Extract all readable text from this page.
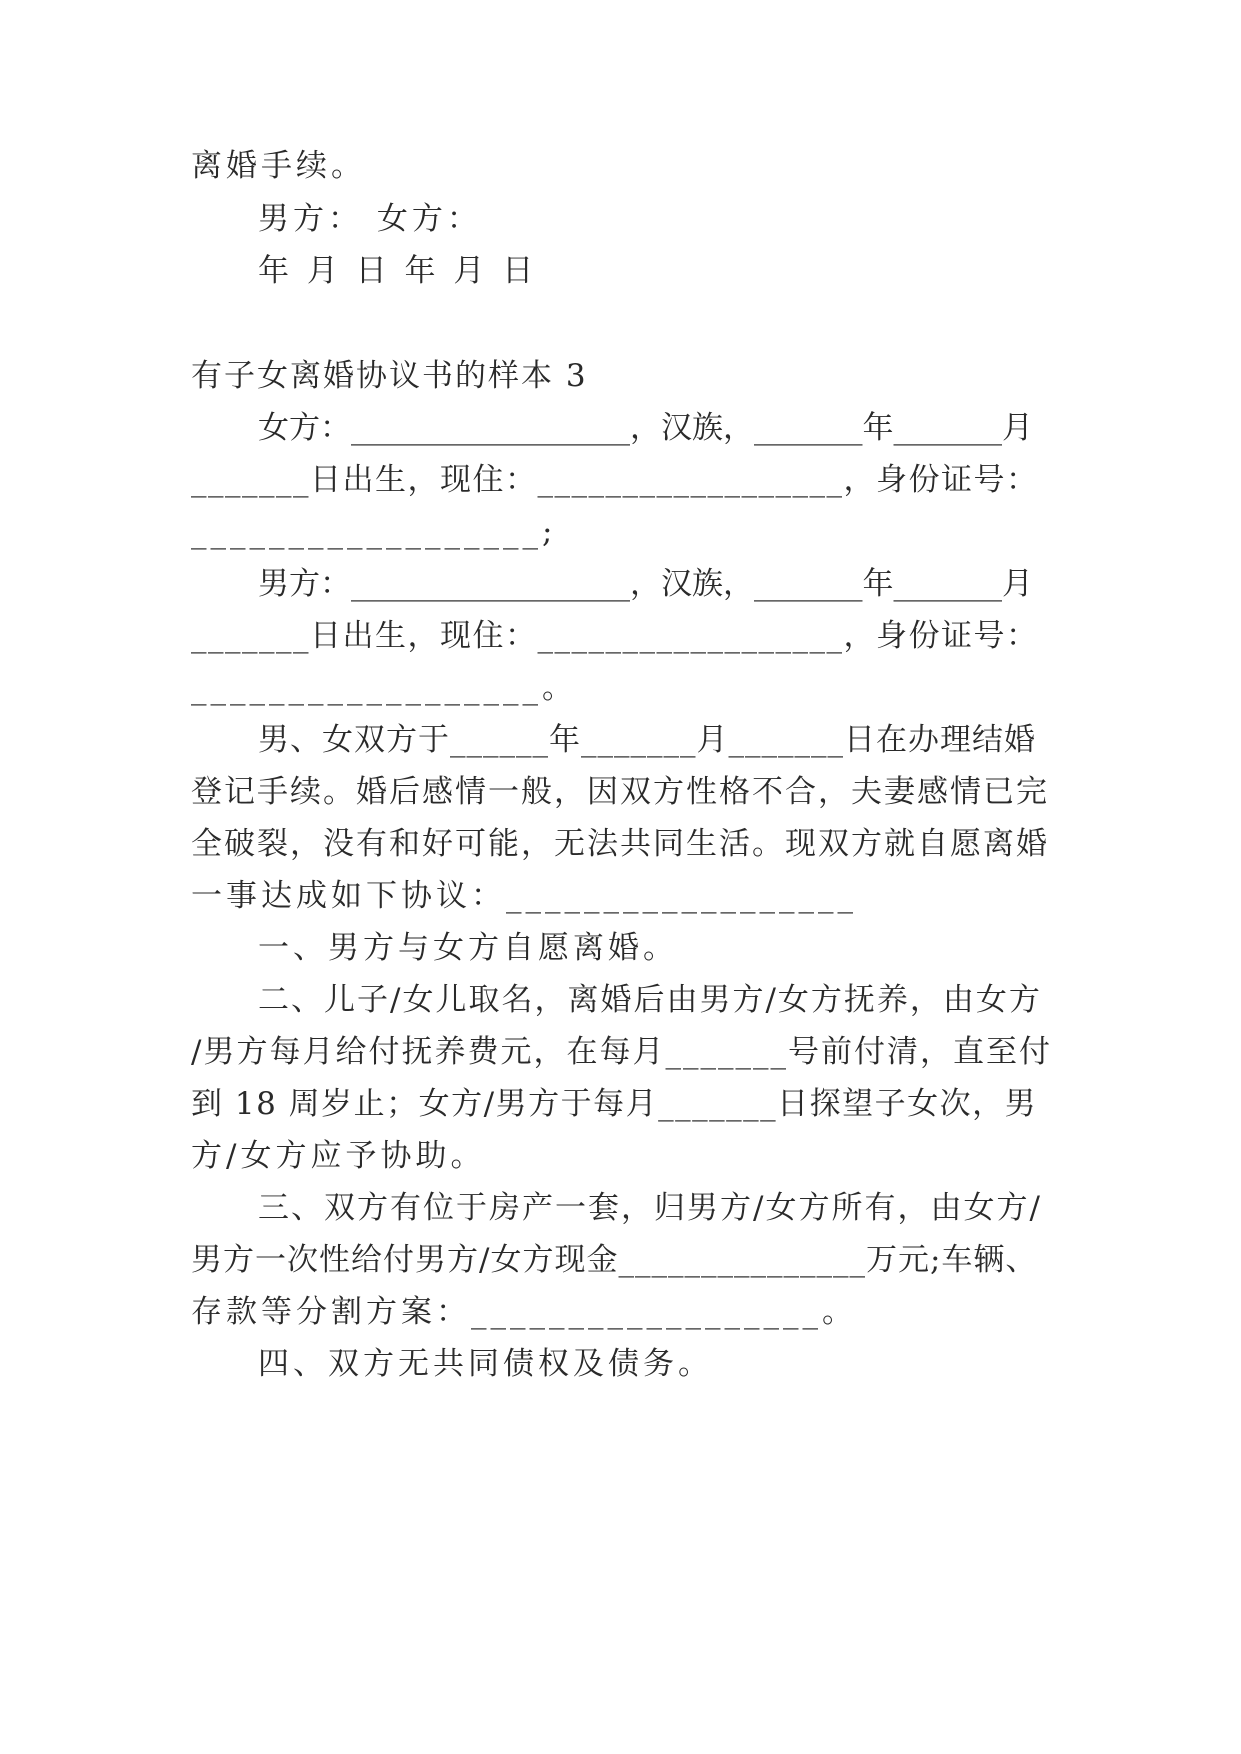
离婚手续。

男方： 女方：

年 月 日 年 月 日

有子女离婚协议书的样本 3

女方：__________________，汉族，_______年_______月

_______日出生，现住：__________________，身份证号：

__________________;

男方：__________________，汉族，_______年_______月

_______日出生，现住：__________________，身份证号：

__________________。

男、女双方于______年_______月_______日在办理结婚

登记手续。婚后感情一般，因双方性格不合，夫妻感情已完

全破裂，没有和好可能，无法共同生活。现双方就自愿离婚

一事达成如下协议：__________________

一、男方与女方自愿离婚。

二、儿子/女儿取名，离婚后由男方/女方抚养，由女方

/男方每月给付抚养费元，在每月_______号前付清，直至付

到 18 周岁止；女方/男方于每月_______日探望子女次，男

方/女方应予协助。

三、双方有位于房产一套，归男方/女方所有，由女方/

男方一次性给付男方/女方现金_______________万元;车辆、

存款等分割方案：__________________。

四、双方无共同债权及债务。
